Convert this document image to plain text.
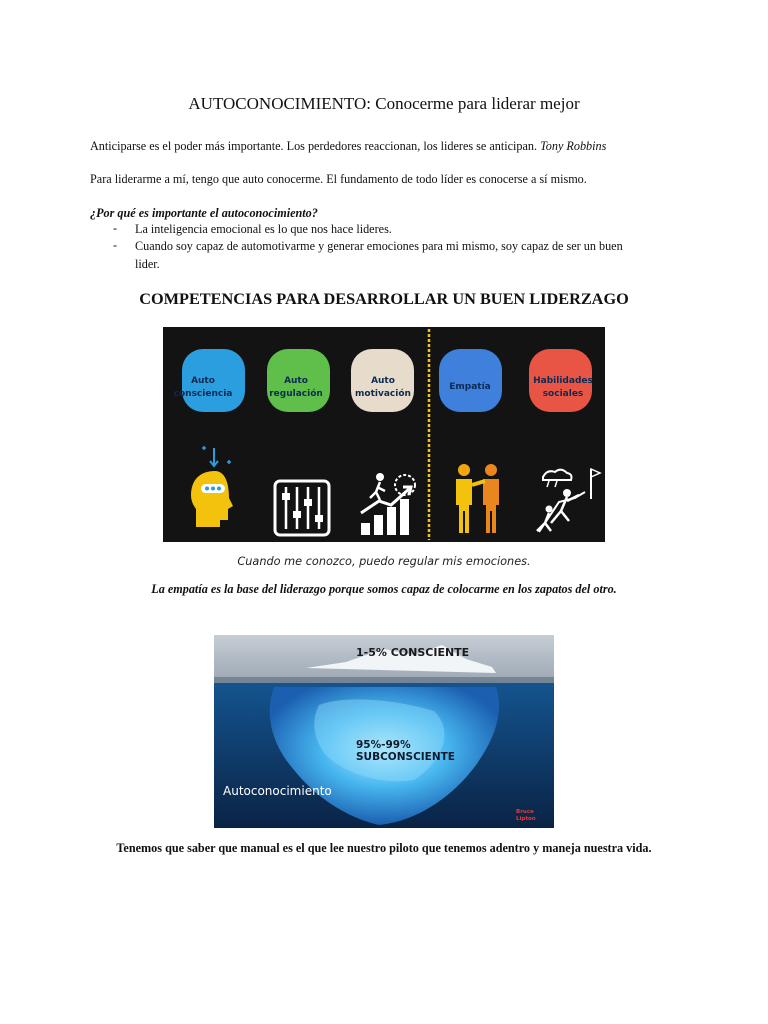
AUTOCONOCIMIENTO: Conocerme para liderar mejor
Anticiparse es el poder más importante. Los perdedores reaccionan, los lideres se anticipan. Tony Robbins
Para liderarme a mí, tengo que auto conocerme. El fundamento de todo líder es conocerse a sí mismo.
¿Por qué es importante el autoconocimiento?
- La inteligencia emocional es lo que nos hace lideres.
- Cuando soy capaz de automotivarme y generar emociones para mi mismo, soy capaz de ser un buen
lider.
COMPETENCIAS PARA DESARROLLAR UN BUEN LIDERZAGO
Auto
consciencia
Auto
regulación
Auto
motivación
Empatía
Habilidades
sociales
Cuando me conozco, puedo regular mis emociones.
La empatía es la base del liderazgo porque somos capaz de colocarme en los zapatos del otro.
1-5% CONSCIENTE
95%-99%
SUBCONSCIENTE
Autoconocimiento
Bruce
Lipton
Tenemos que saber que manual es el que lee nuestro piloto que tenemos adentro y maneja nuestra vida.
